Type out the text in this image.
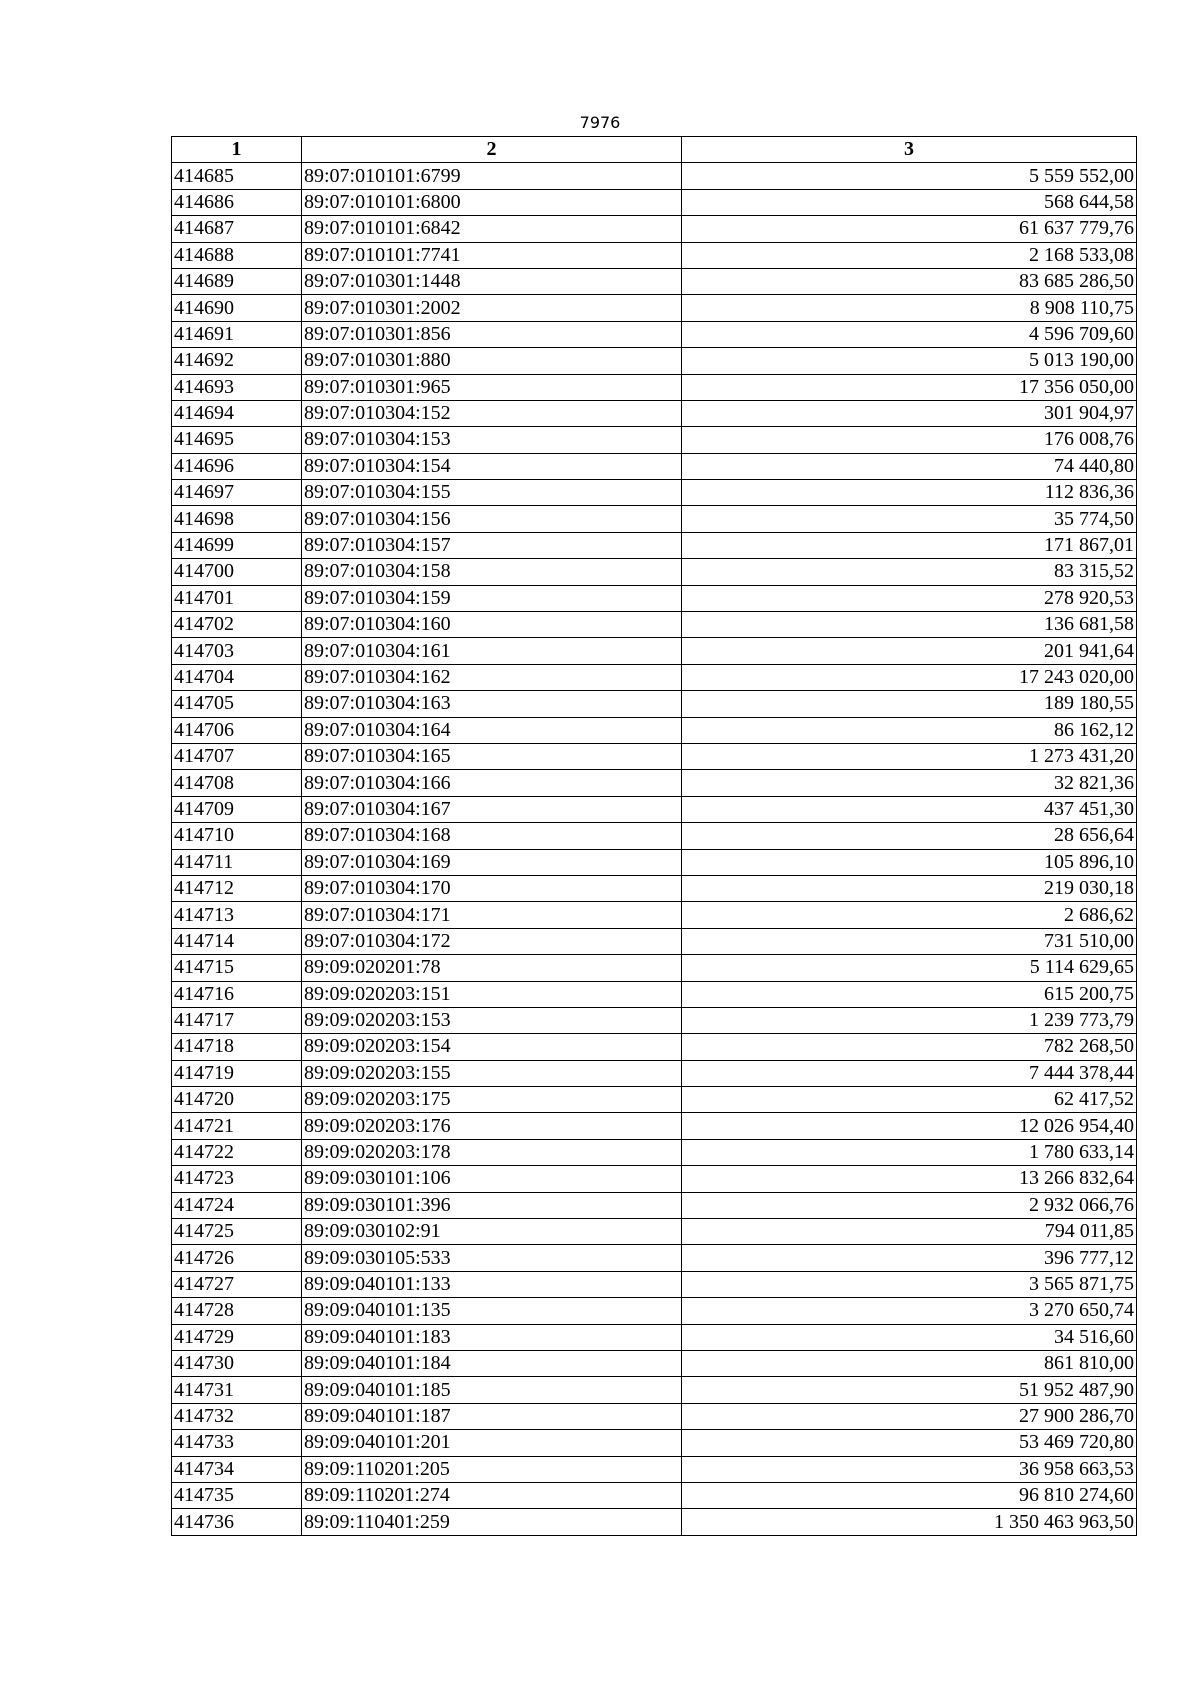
7976
1	2	3
414685	89:07:010101:6799	5 559 552,00
414686	89:07:010101:6800	568 644,58
414687	89:07:010101:6842	61 637 779,76
414688	89:07:010101:7741	2 168 533,08
414689	89:07:010301:1448	83 685 286,50
414690	89:07:010301:2002	8 908 110,75
414691	89:07:010301:856	4 596 709,60
414692	89:07:010301:880	5 013 190,00
414693	89:07:010301:965	17 356 050,00
414694	89:07:010304:152	301 904,97
414695	89:07:010304:153	176 008,76
414696	89:07:010304:154	74 440,80
414697	89:07:010304:155	112 836,36
414698	89:07:010304:156	35 774,50
414699	89:07:010304:157	171 867,01
414700	89:07:010304:158	83 315,52
414701	89:07:010304:159	278 920,53
414702	89:07:010304:160	136 681,58
414703	89:07:010304:161	201 941,64
414704	89:07:010304:162	17 243 020,00
414705	89:07:010304:163	189 180,55
414706	89:07:010304:164	86 162,12
414707	89:07:010304:165	1 273 431,20
414708	89:07:010304:166	32 821,36
414709	89:07:010304:167	437 451,30
414710	89:07:010304:168	28 656,64
414711	89:07:010304:169	105 896,10
414712	89:07:010304:170	219 030,18
414713	89:07:010304:171	2 686,62
414714	89:07:010304:172	731 510,00
414715	89:09:020201:78	5 114 629,65
414716	89:09:020203:151	615 200,75
414717	89:09:020203:153	1 239 773,79
414718	89:09:020203:154	782 268,50
414719	89:09:020203:155	7 444 378,44
414720	89:09:020203:175	62 417,52
414721	89:09:020203:176	12 026 954,40
414722	89:09:020203:178	1 780 633,14
414723	89:09:030101:106	13 266 832,64
414724	89:09:030101:396	2 932 066,76
414725	89:09:030102:91	794 011,85
414726	89:09:030105:533	396 777,12
414727	89:09:040101:133	3 565 871,75
414728	89:09:040101:135	3 270 650,74
414729	89:09:040101:183	34 516,60
414730	89:09:040101:184	861 810,00
414731	89:09:040101:185	51 952 487,90
414732	89:09:040101:187	27 900 286,70
414733	89:09:040101:201	53 469 720,80
414734	89:09:110201:205	36 958 663,53
414735	89:09:110201:274	96 810 274,60
414736	89:09:110401:259	1 350 463 963,50
